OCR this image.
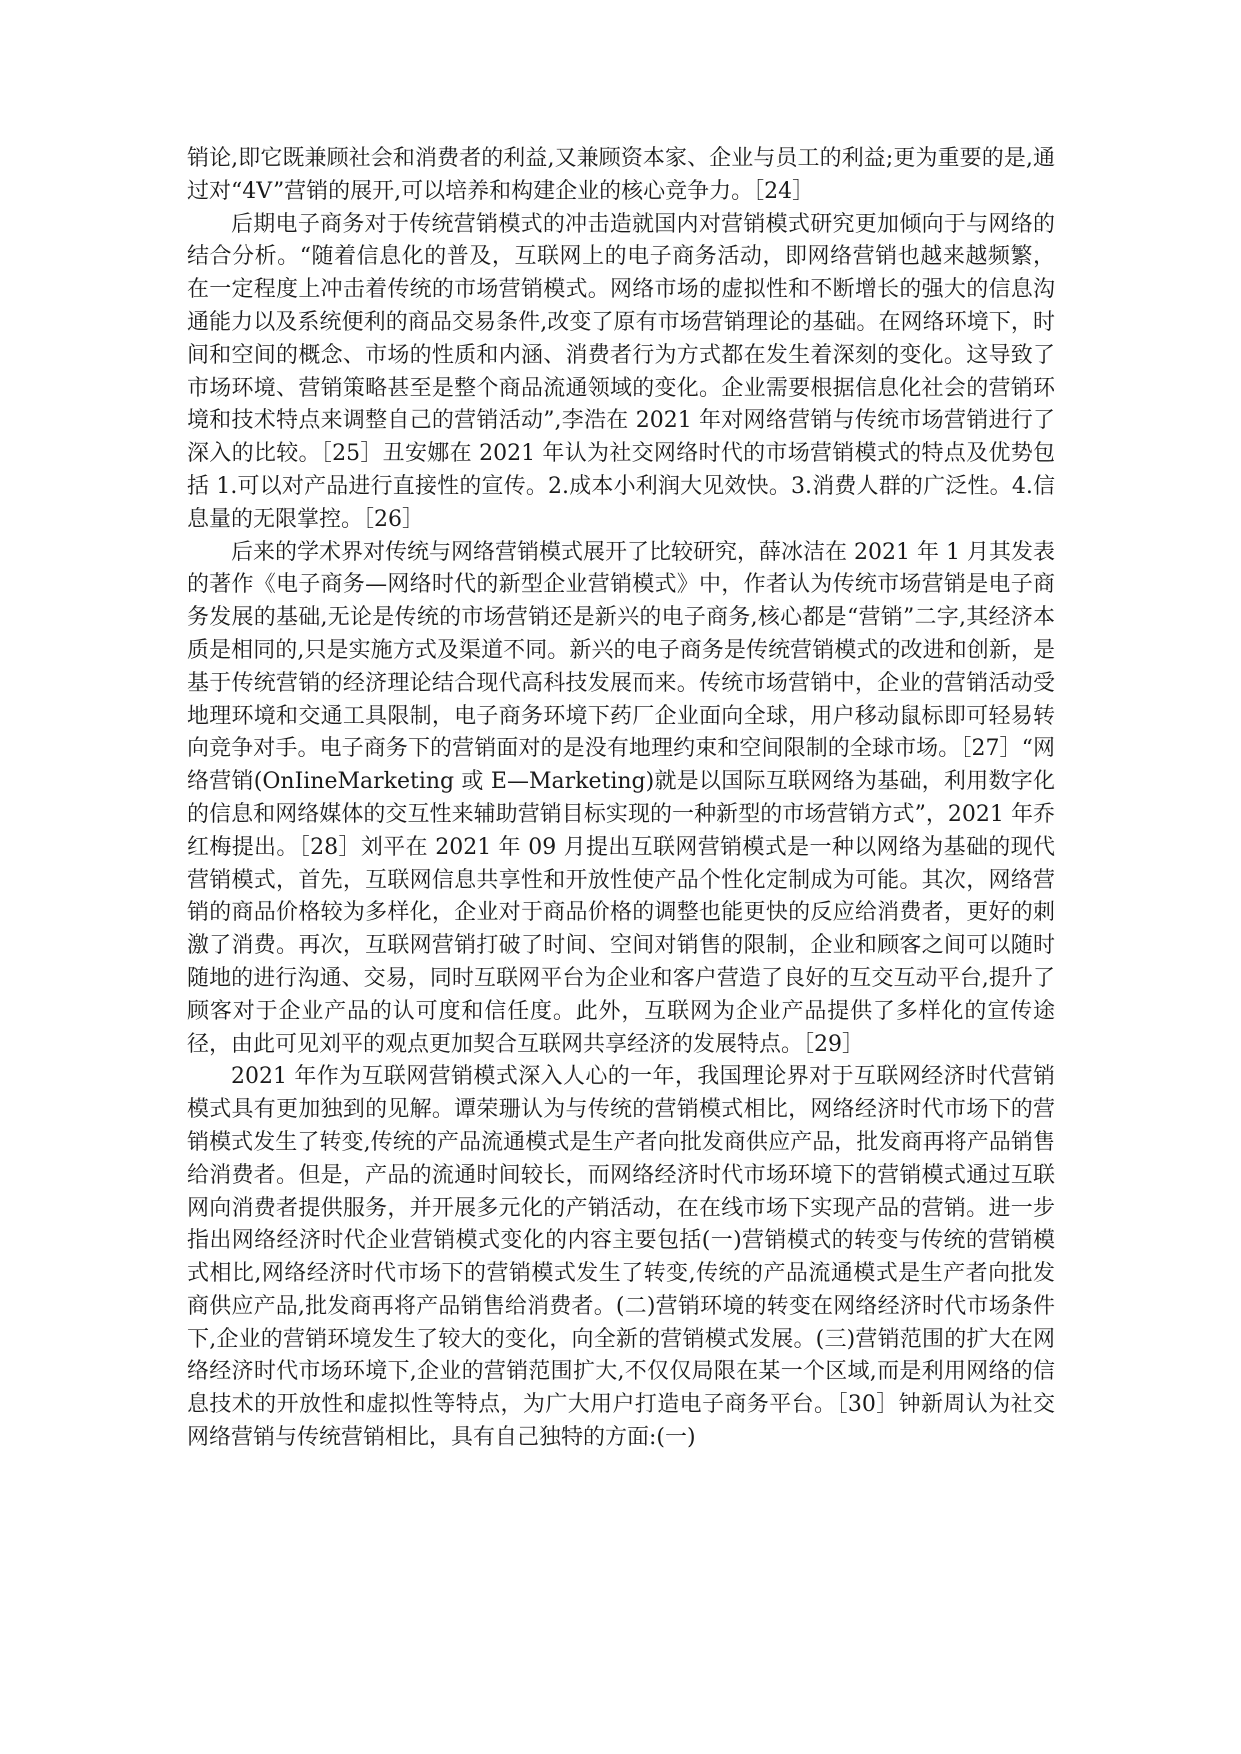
销论,即它既兼顾社会和消费者的利益,又兼顾资本家、企业与员工的利益;更为重要的是,通过对“4V”营销的展开,可以培养和构建企业的核心竞争力。［24］

后期电子商务对于传统营销模式的冲击造就国内对营销模式研究更加倾向于与网络的结合分析。“随着信息化的普及，互联网上的电子商务活动，即网络营销也越来越频繁，在一定程度上冲击着传统的市场营销模式。网络市场的虚拟性和不断增长的强大的信息沟通能力以及系统便利的商品交易条件,改变了原有市场营销理论的基础。在网络环境下，时间和空间的概念、市场的性质和内涵、消费者行为方式都在发生着深刻的变化。这导致了市场环境、营销策略甚至是整个商品流通领域的变化。企业需要根据信息化社会的营销环境和技术特点来调整自己的营销活动”,李浩在 2021 年对网络营销与传统市场营销进行了深入的比较。［25］丑安娜在 2021 年认为社交网络时代的市场营销模式的特点及优势包括 1.可以对产品进行直接性的宣传。2.成本小利润大见效快。3.消费人群的广泛性。4.信息量的无限掌控。［26］

后来的学术界对传统与网络营销模式展开了比较研究，薛冰洁在 2021 年 1 月其发表的著作《电子商务—网络时代的新型企业营销模式》中，作者认为传统市场营销是电子商务发展的基础,无论是传统的市场营销还是新兴的电子商务,核心都是“营销”二字,其经济本质是相同的,只是实施方式及渠道不同。新兴的电子商务是传统营销模式的改进和创新，是基于传统营销的经济理论结合现代高科技发展而来。传统市场营销中，企业的营销活动受地理环境和交通工具限制，电子商务环境下药厂企业面向全球，用户移动鼠标即可轻易转向竞争对手。电子商务下的营销面对的是没有地理约束和空间限制的全球市场。［27］“网络营销(OnIineMarketing 或 E—Marketing)就是以国际互联网络为基础，利用数字化的信息和网络媒体的交互性来辅助营销目标实现的一种新型的市场营销方式”，2021 年乔红梅提出。［28］刘平在 2021 年 09 月提出互联网营销模式是一种以网络为基础的现代营销模式，首先，互联网信息共享性和开放性使产品个性化定制成为可能。其次，网络营销的商品价格较为多样化，企业对于商品价格的调整也能更快的反应给消费者，更好的刺激了消费。再次，互联网营销打破了时间、空间对销售的限制，企业和顾客之间可以随时随地的进行沟通、交易，同时互联网平台为企业和客户营造了良好的互交互动平台,提升了顾客对于企业产品的认可度和信任度。此外，互联网为企业产品提供了多样化的宣传途径，由此可见刘平的观点更加契合互联网共享经济的发展特点。［29］

2021 年作为互联网营销模式深入人心的一年，我国理论界对于互联网经济时代营销模式具有更加独到的见解。谭荣珊认为与传统的营销模式相比，网络经济时代市场下的营销模式发生了转变,传统的产品流通模式是生产者向批发商供应产品，批发商再将产品销售给消费者。但是，产品的流通时间较长，而网络经济时代市场环境下的营销模式通过互联网向消费者提供服务，并开展多元化的产销活动，在在线市场下实现产品的营销。进一步指出网络经济时代企业营销模式变化的内容主要包括(一)营销模式的转变与传统的营销模式相比,网络经济时代市场下的营销模式发生了转变,传统的产品流通模式是生产者向批发商供应产品,批发商再将产品销售给消费者。(二)营销环境的转变在网络经济时代市场条件下,企业的营销环境发生了较大的变化，向全新的营销模式发展。(三)营销范围的扩大在网络经济时代市场环境下,企业的营销范围扩大,不仅仅局限在某一个区域,而是利用网络的信息技术的开放性和虚拟性等特点，为广大用户打造电子商务平台。［30］钟新周认为社交网络营销与传统营销相比，具有自己独特的方面:(一)
